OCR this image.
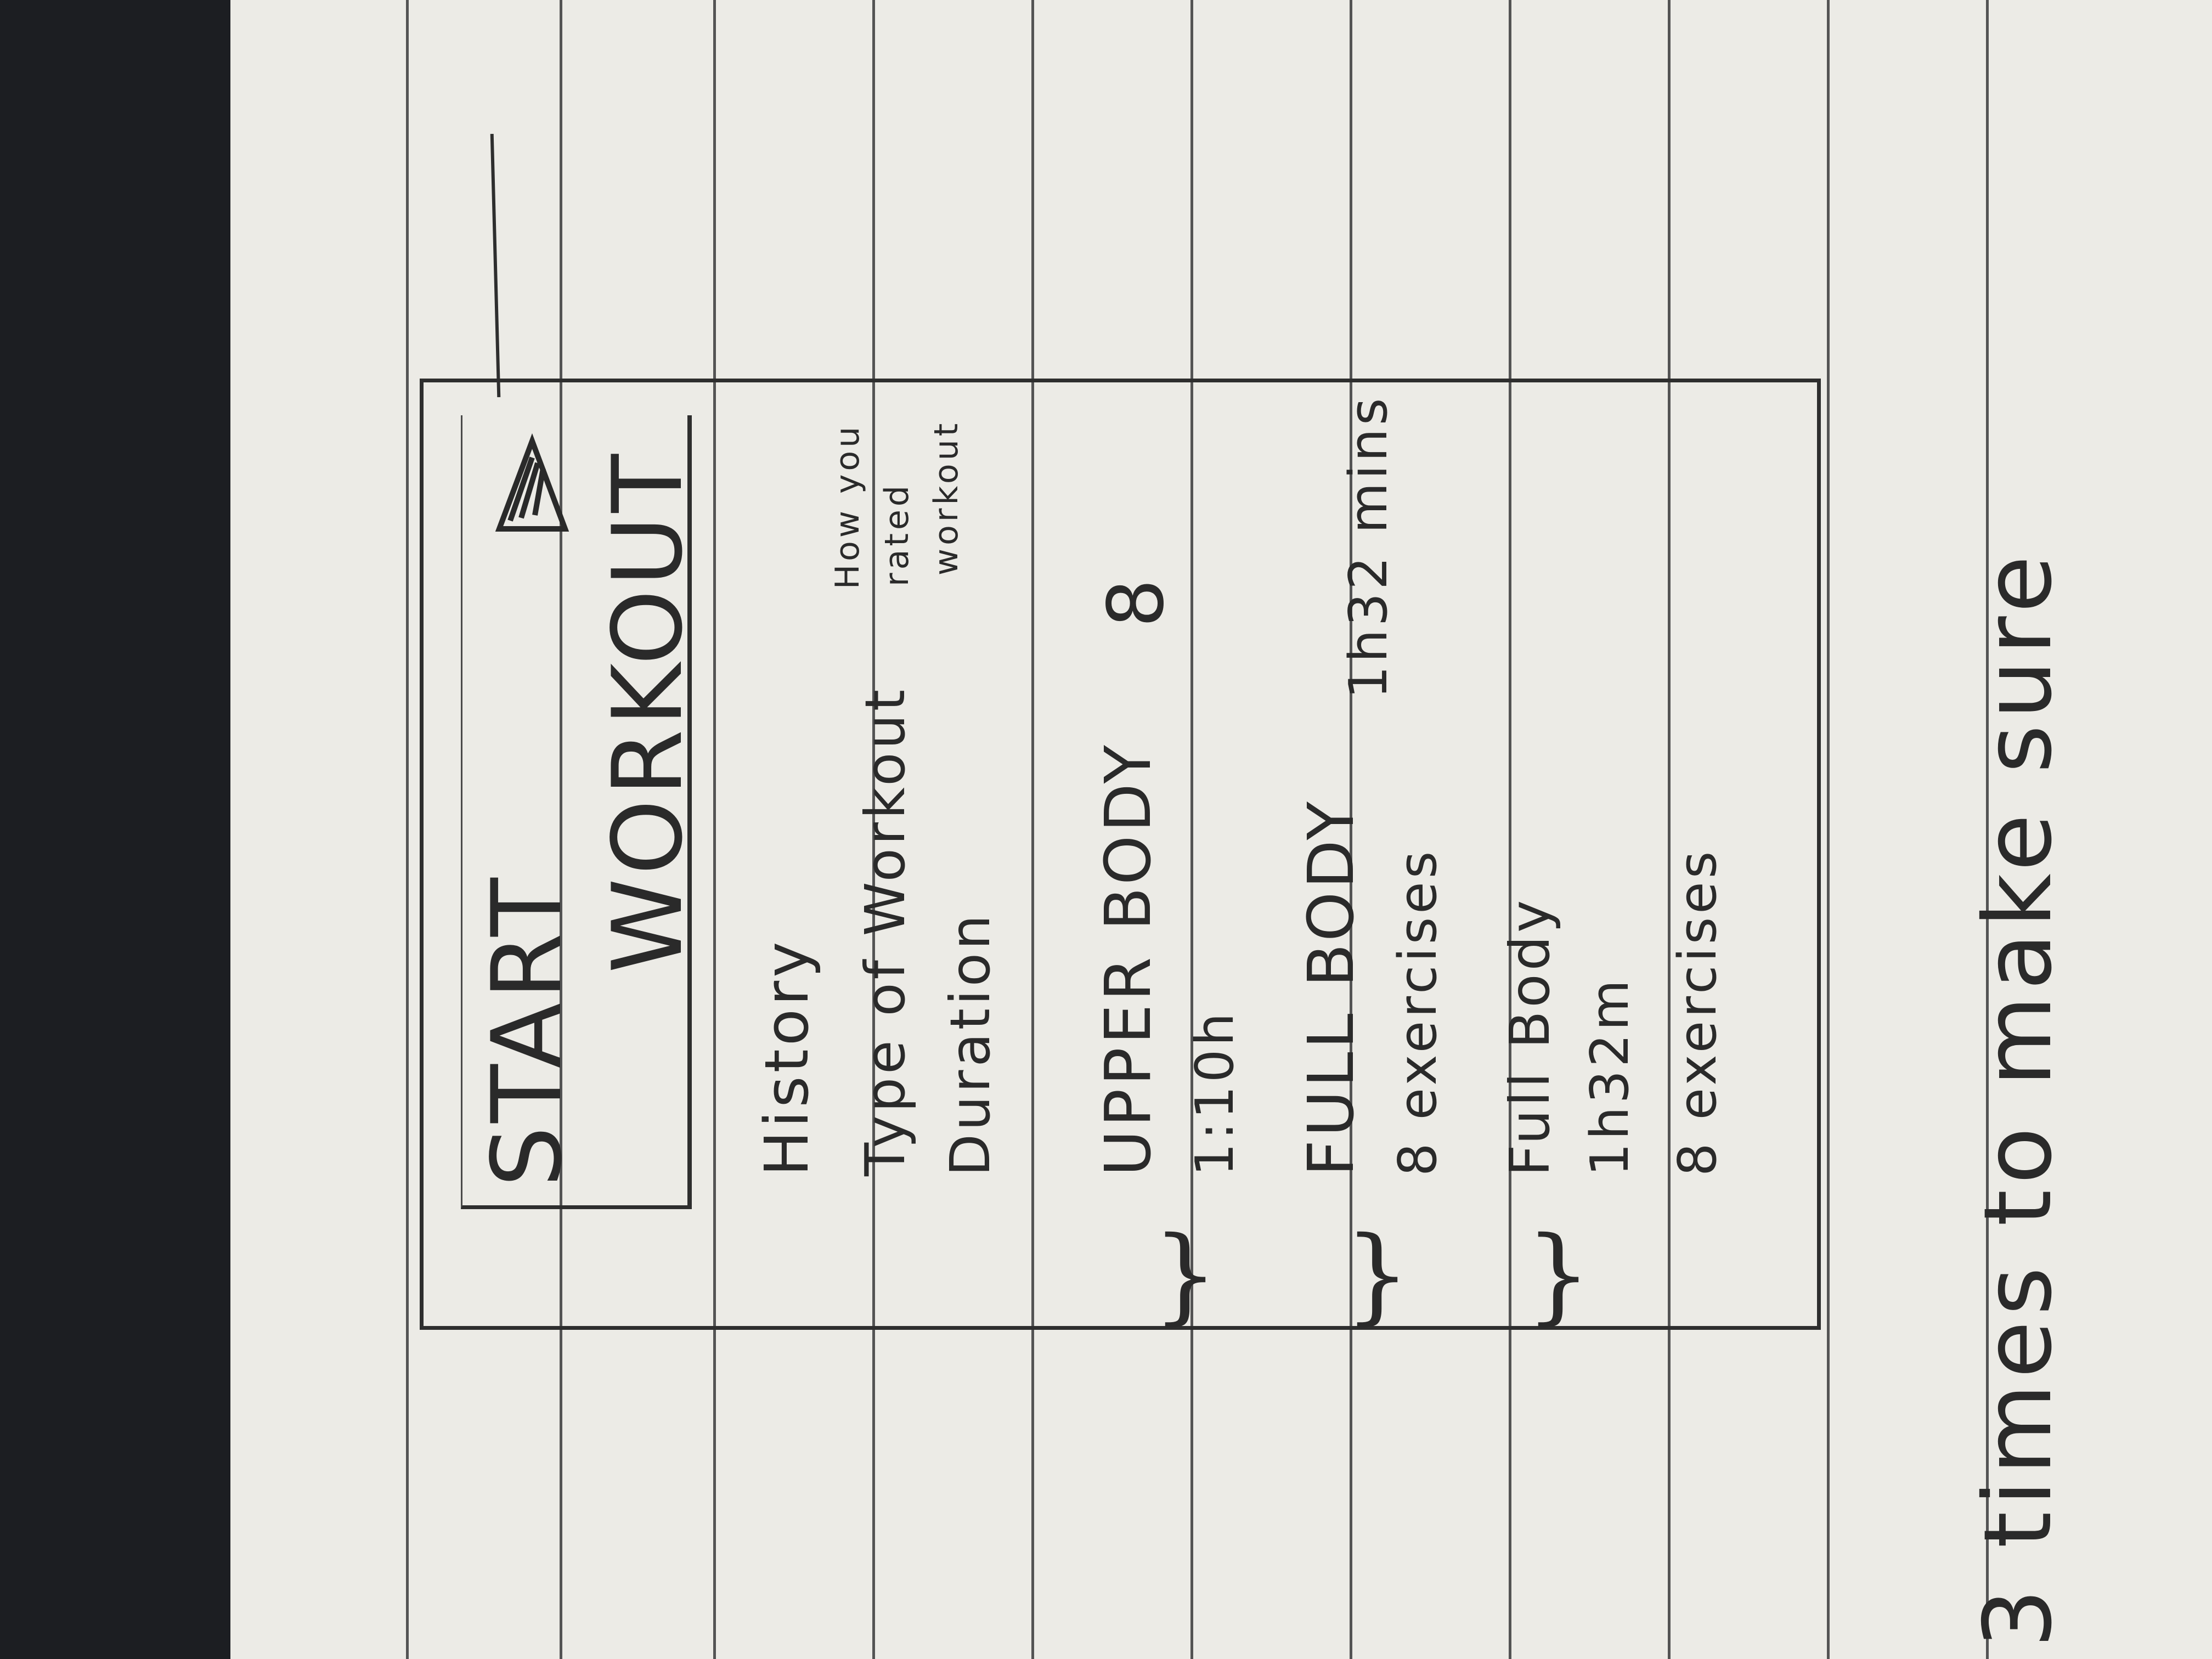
START
WORKOUT
History Type of Workout Duration
How you rated workout
UPPER BODY 1:10h
8
FULL BODY 8 exercises
1h32 mins
Full Body 1h32m 8 exercises
} } }	3 times to make sure
